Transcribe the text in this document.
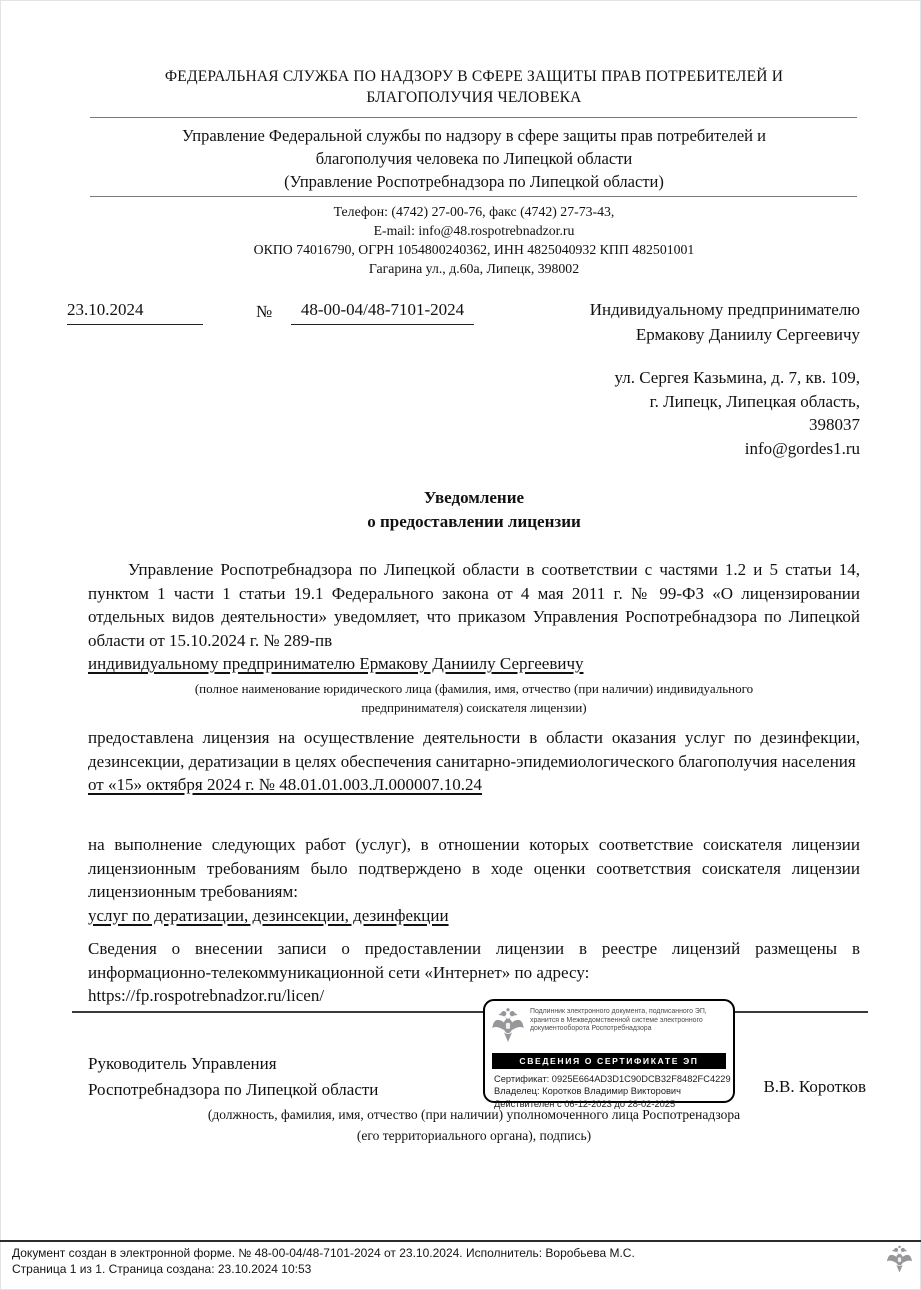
ФЕДЕРАЛЬНАЯ СЛУЖБА ПО НАДЗОРУ В СФЕРЕ ЗАЩИТЫ ПРАВ ПОТРЕБИТЕЛЕЙ И
БЛАГОПОЛУЧИЯ ЧЕЛОВЕКА
Управление Федеральной службы по надзору в сфере защиты прав потребителей и
благополучия человека по Липецкой области
(Управление Роспотребнадзора по Липецкой области)
Телефон: (4742) 27-00-76, факс (4742) 27-73-43,
E-mail: info@48.rospotrebnadzor.ru
ОКПО 74016790, ОГРН 1054800240362, ИНН 4825040932 КПП 482501001
Гагарина ул., д.60а, Липецк, 398002
23.10.2024	№	48-00-04/48-7101-2024	Индивидуальному предпринимателю
Ермакову Даниилу Сергеевичу
ул. Сергея Казьмина, д. 7, кв. 109,
г. Липецк, Липецкая область,
398037
info@gordes1.ru
Уведомление
о предоставлении лицензии
Управление Роспотребнадзора по Липецкой области в соответствии с частями 1.2 и 5 статьи 14, пунктом 1 части 1 статьи 19.1 Федерального закона от 4 мая 2011 г. № 99-ФЗ «О лицензировании отдельных видов деятельности» уведомляет, что приказом Управления Роспотребнадзора по Липецкой области от 15.10.2024 г. № 289-пв
индивидуальному предпринимателю Ермакову Даниилу Сергеевичу
(полное наименование юридического лица (фамилия, имя, отчество (при наличии) индивидуального
предпринимателя) соискателя лицензии)
предоставлена лицензия на осуществление деятельности в области оказания услуг по дезинфекции, дезинсекции, дератизации в целях обеспечения санитарно-эпидемиологического благополучия населения
от «15» октября 2024 г. № 48.01.01.003.Л.000007.10.24
на выполнение следующих работ (услуг), в отношении которых соответствие соискателя лицензии лицензионным требованиям было подтверждено в ходе оценки соответствия соискателя лицензии лицензионным требованиям:
услуг по дератизации, дезинсекции, дезинфекции
Сведения о внесении записи о предоставлении лицензии в реестре лицензий размещены в информационно-телекоммуникационной сети «Интернет» по адресу:
https://fp.rospotrebnadzor.ru/licen/
Подлинник электронного документа, подписанного ЭП, хранится в Межведомственной системе электронного документооборота Роспотребнадзора
СВЕДЕНИЯ О СЕРТИФИКАТЕ ЭП
Сертификат: 0925E664AD3D1C90DCB32F8482FC4229
Владелец: Коротков Владимир Викторович
Действителен с 06-12-2023 до 28-02-2025
Руководитель Управления
Роспотребнадзора по Липецкой области	В.В. Коротков
(должность, фамилия, имя, отчество (при наличии) уполномоченного лица Роспотренадзора
(его территориального органа), подпись)
Документ создан в электронной форме. № 48-00-04/48-7101-2024 от 23.10.2024. Исполнитель: Воробьева М.С.
Страница 1 из 1. Страница создана: 23.10.2024 10:53
